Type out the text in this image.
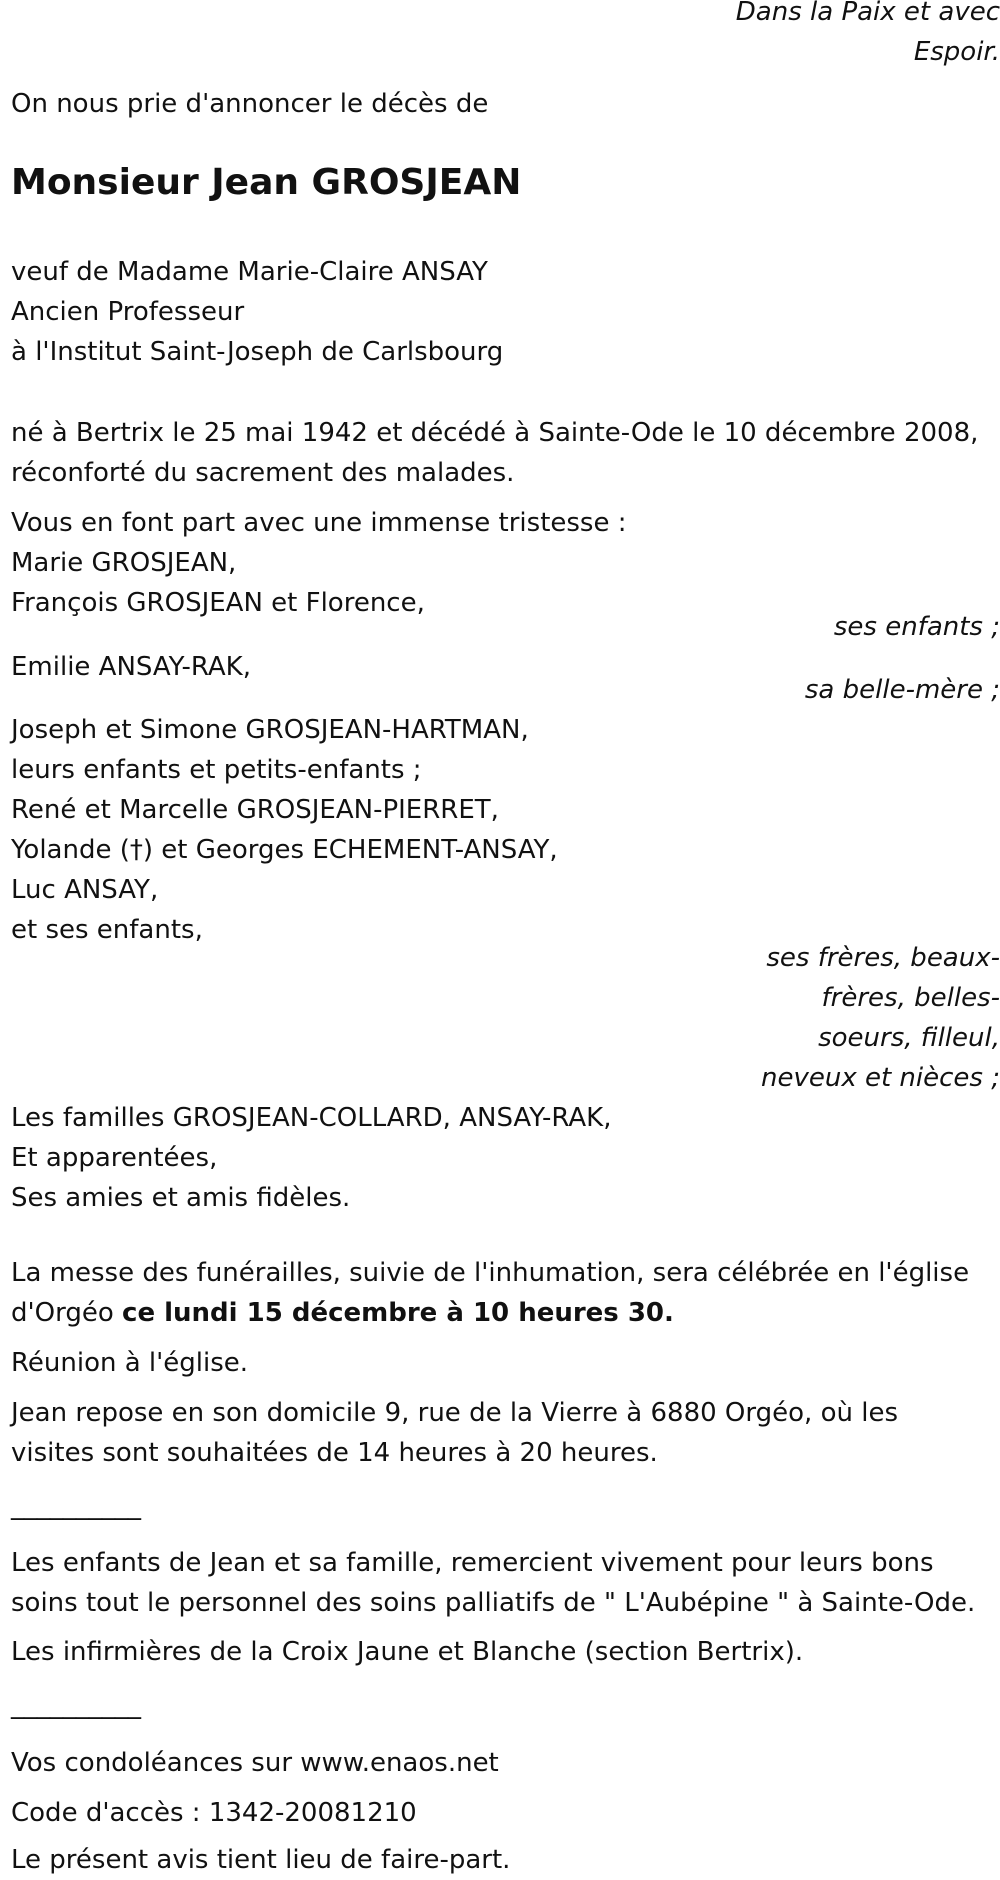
Dans la Paix et avec
Espoir.
On nous prie d'annoncer le décès de
Monsieur Jean GROSJEAN
veuf de Madame Marie-Claire ANSAY
Ancien Professeur
à l'Institut Saint-Joseph de Carlsbourg
né à Bertrix le 25 mai 1942 et décédé à Sainte-Ode le 10 décembre 2008,
réconforté du sacrement des malades.
Vous en font part avec une immense tristesse :
Marie GROSJEAN,
François GROSJEAN et Florence,
ses enfants ;
Emilie ANSAY-RAK,
sa belle-mère ;
Joseph et Simone GROSJEAN-HARTMAN,
leurs enfants et petits-enfants ;
René et Marcelle GROSJEAN-PIERRET,
Yolande (†) et Georges ECHEMENT-ANSAY,
Luc ANSAY,
et ses enfants,
ses frères, beaux-
frères, belles-
soeurs, filleul,
neveux et nièces ;
Les familles GROSJEAN-COLLARD, ANSAY-RAK,
Et apparentées,
Ses amies et amis fidèles.
La messe des funérailles, suivie de l'inhumation, sera célébrée en l'église
d'Orgéo ce lundi 15 décembre à 10 heures 30.
Réunion à l'église.
Jean repose en son domicile 9, rue de la Vierre à 6880 Orgéo, où les
visites sont souhaitées de 14 heures à 20 heures.
__________
Les enfants de Jean et sa famille, remercient vivement pour leurs bons
soins tout le personnel des soins palliatifs de " L'Aubépine " à Sainte-Ode.
Les infirmières de la Croix Jaune et Blanche (section Bertrix).
__________
Vos condoléances sur www.enaos.net
Code d'accès : 1342-20081210
Le présent avis tient lieu de faire-part.
